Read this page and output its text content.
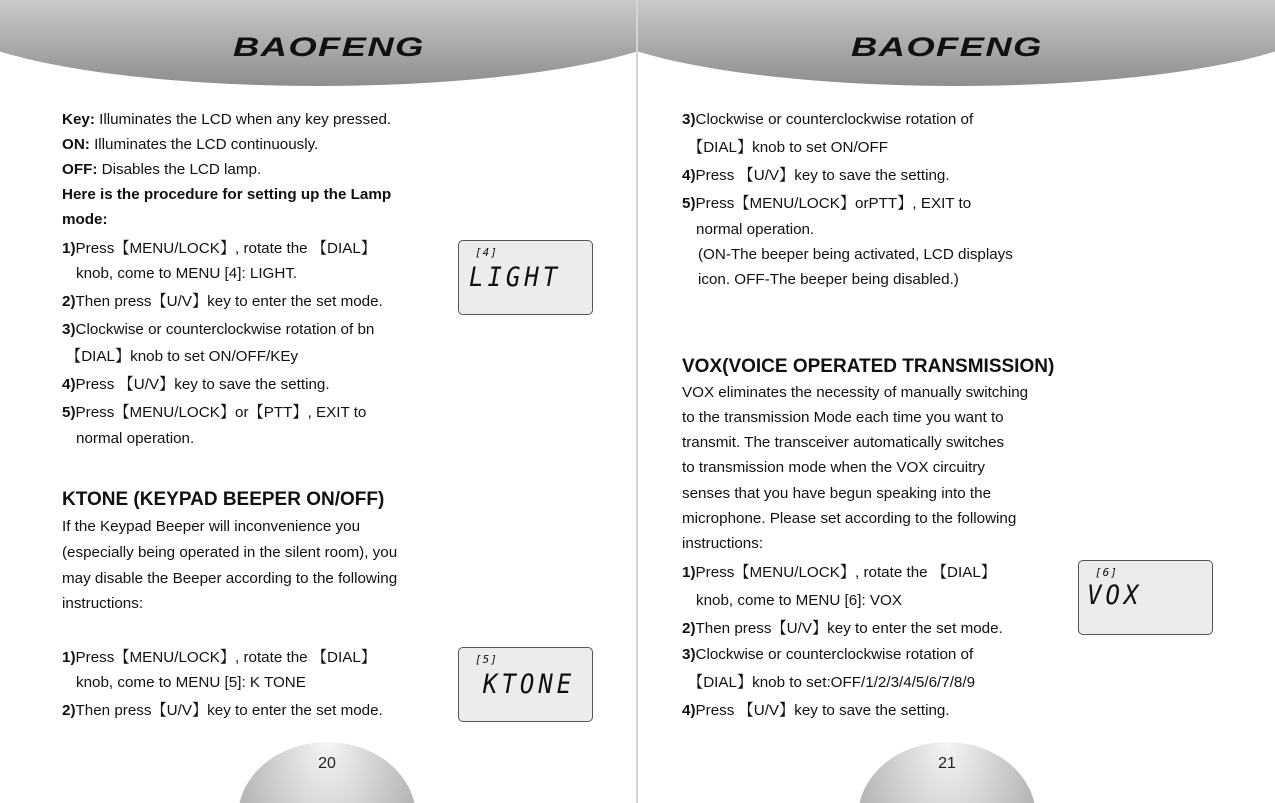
BAOFENG
Key: Illuminates the LCD when any key pressed.
ON: Illuminates the LCD continuously.
OFF: Disables the LCD lamp.
Here is the procedure for setting up the Lamp
mode:
1)Press【MENU/LOCK】, rotate the 【DIAL】
knob, come to MENU [4]: LIGHT.
2)Then press【U/V】key to enter the set mode.
3)Clockwise or counterclockwise rotation of bn
【DIAL】knob to set ON/OFF/KEy
4)Press 【U/V】key to save the setting.
5)Press【MENU/LOCK】or【PTT】, EXIT to
normal operation.
KTONE (KEYPAD BEEPER ON/OFF)
If the Keypad Beeper will inconvenience you
(especially being operated in the silent room), you
may disable the Beeper according to the following
instructions:
1)Press【MENU/LOCK】, rotate the 【DIAL】
knob, come to MENU [5]: K TONE
2)Then press【U/V】key to enter the set mode.
[4]
LIGHT
[5]
KTONE
20
BAOFENG
3)Clockwise or counterclockwise rotation of
【DIAL】knob to set ON/OFF
4)Press 【U/V】key to save the setting.
5)Press【MENU/LOCK】orPTT】, EXIT to
normal operation.
(ON-The beeper being activated, LCD displays
icon. OFF-The beeper being disabled.)
VOX(VOICE OPERATED TRANSMISSION)
VOX eliminates the necessity of manually switching
to the transmission Mode each time you want to
transmit. The transceiver automatically switches
to transmission mode when the VOX circuitry
senses that you have begun speaking into the
microphone. Please set according to the following
instructions:
1)Press【MENU/LOCK】, rotate the 【DIAL】
knob, come to MENU [6]: VOX
2)Then press【U/V】key to enter the set mode.
3)Clockwise or counterclockwise rotation of
【DIAL】knob to set:OFF/1/2/3/4/5/6/7/8/9
4)Press 【U/V】key to save the setting.
[6]
VOX
21
